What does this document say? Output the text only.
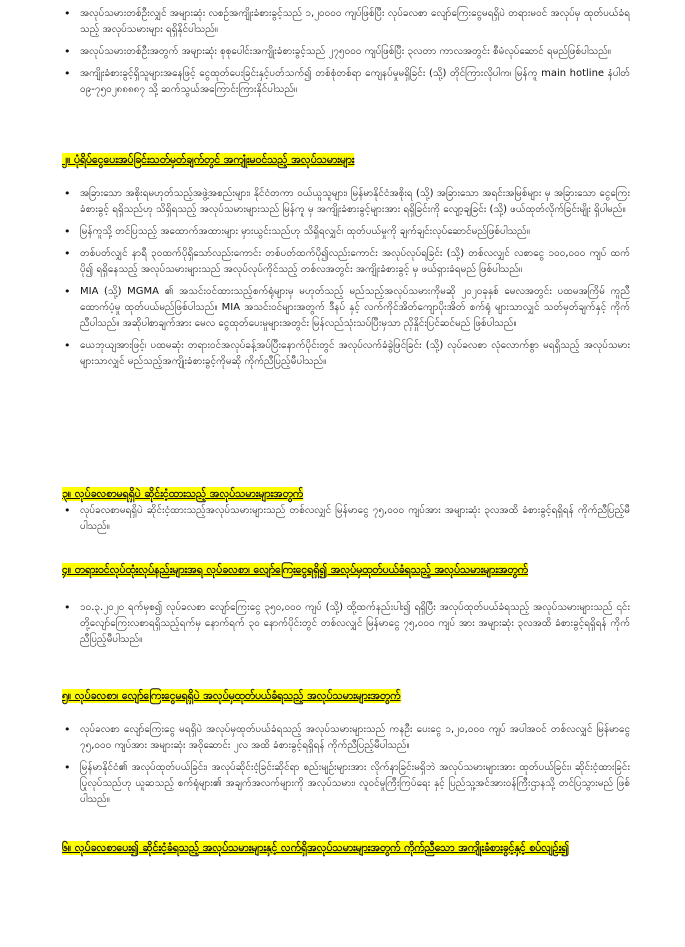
• အလုပ်သမားတစ်ဦးလျှင် အများဆုံး လစဉ်အကျိုးခံစားခွင့်သည် ၁,၂၀၀၀၀ ကျပ်ဖြစ်ပြီး လုပ်ခလစာ လျော်ကြေးငွေမရရှိပဲ တရားမဝင် အလုပ်မှ ထုတ်ပယ်ခံရသည့် အလုပ်သမားများ ရရှိနိုင်ပါသည်။
• အလုပ်သမားတစ်ဦးအတွက် အများဆုံး စုစုပေါင်းအကျိုးခံစားခွင့်သည် ၂၇၅၀၀၀ ကျပ်ဖြစ်ပြီး ၃လတာ ကာလအတွင်း စီမံလုပ်ဆောင် ရမည်ဖြစ်ပါသည်။
• အကျိုးခံစားခွင့်ရှိသူများအနေဖြင့် ငွေထုတ်ပေးခြင်းနှင့်ပတ်သက်၍ တစ်စုံတစ်ရာ ကျေနပ်မှုမရှိခြင်း (သို့) တိုင်ကြားလိုပါက၊ မြန်ကူ main hotline နံပါတ် ၀၉-၇၅၀၂၈၈၈၈၇ သို့ ဆက်သွယ်အကြောင်းကြားနိုင်ပါသည်။
၂။ ပုံရိပ်ငွေပေးအပ်ခြင်းသတ်မှတ်ချက်တွင် အကျုံးမဝင်သည့် အလုပ်သမားများ
• အခြားသော အစိုးရမဟုတ်သည့်အဖွဲ့အစည်းများ၊ နိုင်ငံတကာ ဝယ်ယူသူများ၊ မြန်မာနိုင်ငံအစိုးရ (သို့) အခြားသော အရင်းအမြစ်များ မှ အခြားသော ငွေကြေးခံစားခွင့် ရရှိသည်ဟု သိရှိရသည့် အလုပ်သမားများသည် မြန်ကူ မှ အကျိုးခံစားခွင့်များအား ရရှိခြင်းကို လျော့ချခြင်း (သို့) ဖယ်ထုတ်လိုက်ခြင်းမျိုး ရှိပါမည်။
• မြန်ကူသို့ တင်ပြသည့် အထောက်အထားများ မှားယွင်းသည်ဟု သိရှိရလျှင်၊ ထုတ်ပယ်မှုကို ချက်ချင်းလုပ်ဆောင်မည်ဖြစ်ပါသည်။
• တစ်ပတ်လျှင် နာရီ ၃၀ထက်ပိုရှိသော်လည်းကောင်း တစ်ပတ်ထက်ပို၍လည်းကောင်း အလုပ်လုပ်ရခြင်း (သို့) တစ်လလျှင် လစာငွေ ၁၀၀,၀၀၀ ကျပ် ထက်ပို၍ ရရှိနေသည့် အလုပ်သမားများသည် အလုပ်လုပ်ကိုင်သည့် တစ်လအတွင်း အကျိုးခံစားခွင့် မှ ဖယ်ရှားခံရမည် ဖြစ်ပါသည်။
• MIA (သို့) MGMA ၏ အသင်းဝင်ထားသည့်စက်ရုံများမှ မဟုတ်သည့် မည်သည့်အလုပ်သမားကိုမဆို ၂၀၂၀ခုနှစ် မေလအတွင်း ပထမအကြိမ် ကူညီထောက်ပံ့မှု ထုတ်ပယ်မည်ဖြစ်ပါသည်။ MIA အသင်းဝင်များအတွက် ဒီနပ် နှင့် လက်ကိုင်အိတ်ကျောပိုးအိတ် စက်ရုံ များသာလျှင် သတ်မှတ်ချက်နှင့် ကိုက်ညီပါသည်။ အဆိုပါစာချက်အား မေလ ငွေထုတ်ပေးမှုများအတွင်း မြန်လည်သုံးသပ်ပြီးမှသာ ညှိနှိုင်းပြင်ဆင်မည် ဖြစ်ပါသည်။
• ယေဘုယျအားဖြင့်၊ ပထမဆုံး တရားဝင်အလုပ်ခန့်အပ်ပြီးနောက်ပိုင်းတွင် အလုပ်လက်ခံခွဲဖြင်ခြင်း (သို့) လုပ်ခလစာ လုံလောက်စွာ မရရှိသည့် အလုပ်သမားများသာလျှင် မည်သည့်အကျိုးခံစားခွင့်ကိုမဆို ကိုက်ညီပြည့်မီပါသည်။
၃။ လုပ်ခလစာမရရှိပဲ ဆိုင်းငံ့ထားသည့် အလုပ်သမားများအတွက်
• လုပ်ခလစာမရရှိပဲ ဆိုင်းငံ့ထားသည့်အလုပ်သမားများသည် တစ်လလျှင် မြန်မာငွေ ၇၅,၀၀၀ ကျပ်အား အများဆုံး ၃လအထိ ခံစားခွင့်ရရှိရန် ကိုက်ညီပြည့်မီပါသည်။
၄။ တရားဝင်လုပ်ထုံးလုပ်နည်းများအရ လုပ်ခလစာ၊ လျော်ကြေးငွေရရှိ၍ အလုပ်မှထုတ်ပယ်ခံရသည့် အလုပ်သမားများအတွက်
• ၁၀.၃.၂၀၂၀ ရက်မှစ၍ လုပ်ခလစာ လျော်ကြေးငွေ ၃၅၀,၀၀၀ ကျပ် (သို့) ထို့ထက်နည်းပါး၍ ရရှိပြီး အလုပ်ထုတ်ပယ်ခံရသည့် အလုပ်သမားများသည် ၎င်းတို့လျော်ကြေးလစာရရှိသည့်ရက်မှ နောက်ရက် ၃၀ နောက်ပိုင်းတွင် တစ်လလျှင် မြန်မာငွေ ၇၅,၀၀၀ ကျပ် အား အများဆုံး ၃လအထိ ခံစားခွင့်ရရှိရန် ကိုက်ညီပြည့်မီပါသည်။
၅။ လုပ်ခလစာ၊ လျော်ကြေးငွေမရရှိပဲ အလုပ်မှထုတ်ပယ်ခံရသည့် အလုပ်သမားများအတွက်
• လုပ်ခလစာ လျော်ကြေးငွေ မရရှိပဲ အလုပ်မှထုတ်ပယ်ခံရသည့် အလုပ်သမားများသည် ကနဦး ပေးငွေ ၁,၂၀,၀၀၀ ကျပ် အပါအဝင် တစ်လလျှင် မြန်မာငွေ ၇၅,၀၀၀ ကျပ်အား အများဆုံး အဝိုဆောင်း ၂လ အထိ ခံစားခွင့်ရရှိရန် ကိုက်ညီပြည့်မီပါသည်။
• မြန်မာနိုင်ငံ၏ အလုပ်ထုတ်ပယ်ခြင်း၊ အလုပ်ဆိုင်းငံ့ခြင်းဆိုင်ရာ စည်းမျဉ်းများအား လိုက်နာခြင်းမရှိဘဲ အလုပ်သမားများအား ထုတ်ပယ်ခြင်း၊ ဆိုင်းငံ့ထားခြင်း ပြုလုပ်သည်ဟု ယူဆသည့် စက်ရုံများ၏ အချက်အလက်များကို အလုပ်သမား၊ လူဝင်မှုကြီးကြပ်ရေး နှင့် ပြည်သူ့အင်အားဝန်ကြီးဌာနသို့ တင်ပြသွားမည် ဖြစ်ပါသည်။
၆။ လုပ်ခလစာပေး၍ ဆိုင်းငံ့ခံရသည့် အလုပ်သမားများနှင့် လက်ရှိအလုပ်သမားများအတွက် ကိုက်ညီသော အကျိုးခံစားခွင့်နှင့် စပ်လျဉ်း၍
